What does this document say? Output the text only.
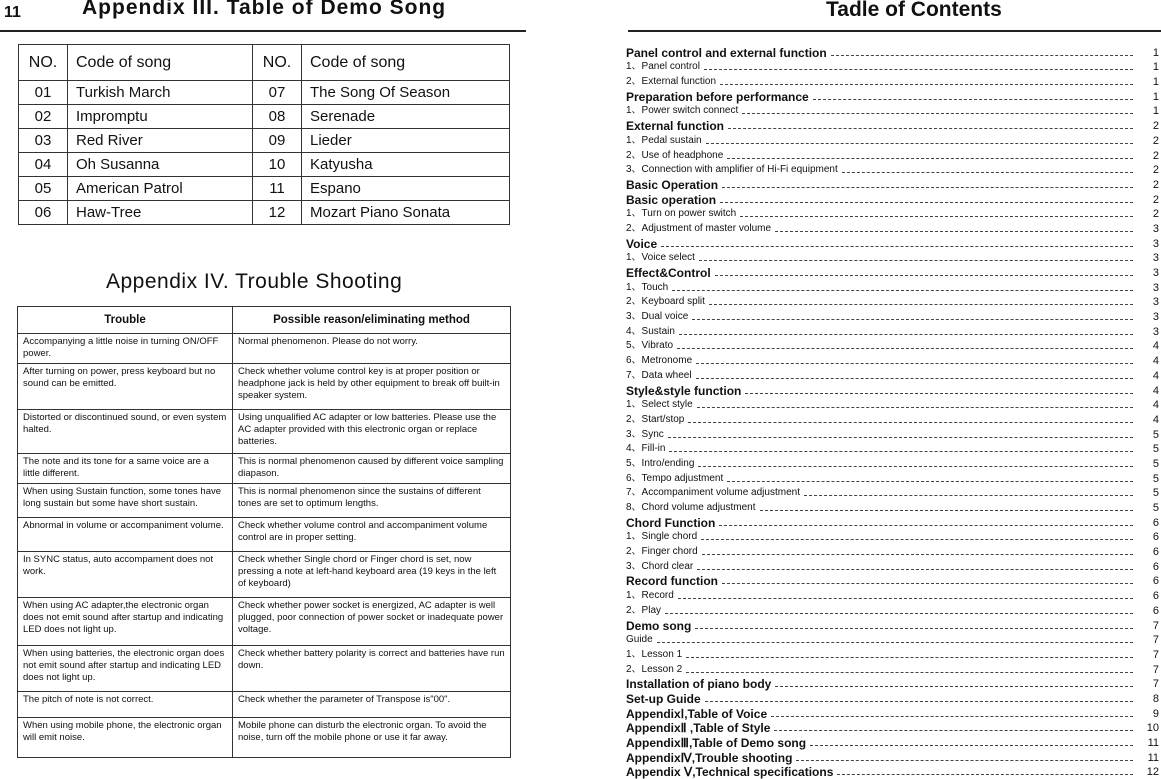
11	Appendix III. Table of Demo Song	Tadle of Contents
NO.	Code of song	NO.	Code of song
01	Turkish March	07	The Song Of Season
02	Impromptu	08	Serenade
03	Red River	09	Lieder
04	Oh Susanna	10	Katyusha
05	American Patrol	11	Espano
06	Haw-Tree	12	Mozart Piano Sonata
Appendix IV. Trouble Shooting
Trouble	Possible reason/eliminating method
Accompanying a little noise in turning ON/OFF power.	Normal phenomenon. Please do not worry.
After turning on power, press keyboard but no sound can be emitted.	Check whether volume control key is at proper position or headphone jack is held by other equipment to break off built-in speaker system.
Distorted or discontinued sound, or even system halted.	Using unqualified AC adapter or low batteries. Please use the AC adapter provided with this electronic organ or replace batteries.
The note and its tone for a same voice are a little different.	This is normal phenomenon caused by different voice sampling diapason.
When using Sustain function, some tones have long sustain but some have short sustain.	This is normal phenomenon since the sustains of different tones are set to optimum lengths.
Abnormal in volume or accompaniment volume.	Check whether volume control and accompaniment volume control are in proper setting.
In SYNC status, auto accompament does not work.	Check whether Single chord or Finger chord is set, now pressing a note at left-hand keyboard area (19 keys in the left of keyboard)
When using AC adapter,the electronic organ does not emit sound after startup and indicating LED does not light up.	Check whether power socket is energized, AC adapter is well plugged, poor connection of power socket or inadequate power voltage.
When using batteries, the electronic organ does not emit sound after startup and indicating LED does not light up.	Check whether battery polarity is correct and batteries have run down.
The pitch of note is not correct.	Check whether the parameter of Transpose is"00".
When using mobile phone, the electronic organ will emit noise.	Mobile phone can disturb the electronic organ. To avoid the noise, turn off the mobile phone or use it far away.
Panel control and external function	1
1、Panel control	1
2、External function	1
Preparation before performance	1
1、Power switch connect	1
External function	2
1、Pedal sustain	2
2、Use of headphone	2
3、Connection with amplifier of Hi-Fi equipment	2
Basic Operation	2
Basic operation	2
1、Turn on power switch	2
2、Adjustment of master volume	3
Voice	3
1、Voice select	3
Effect&Control	3
1、Touch	3
2、Keyboard split	3
3、Dual voice	3
4、Sustain	3
5、Vibrato	4
6、Metronome	4
7、Data wheel	4
Style&style function	4
1、Select style	4
2、Start/stop	4
3、Sync	5
4、Fill-in	5
5、Intro/ending	5
6、Tempo adjustment	5
7、Accompaniment volume adjustment	5
8、Chord volume adjustment	5
Chord Function	6
1、Single chord	6
2、Finger chord	6
3、Chord clear	6
Record function	6
1、Record	6
2、Play	6
Demo song	7
Guide	7
1、Lesson 1	7
2、Lesson 2	7
Installation of piano body	7
Set-up Guide	8
AppendixⅠ,Table of Voice	9
AppendixⅡ ,Table of Style	10
AppendixⅢ,Table of Demo song	11
AppendixⅣ,Trouble shooting	11
Appendix Ⅴ,Technical specifications	12
